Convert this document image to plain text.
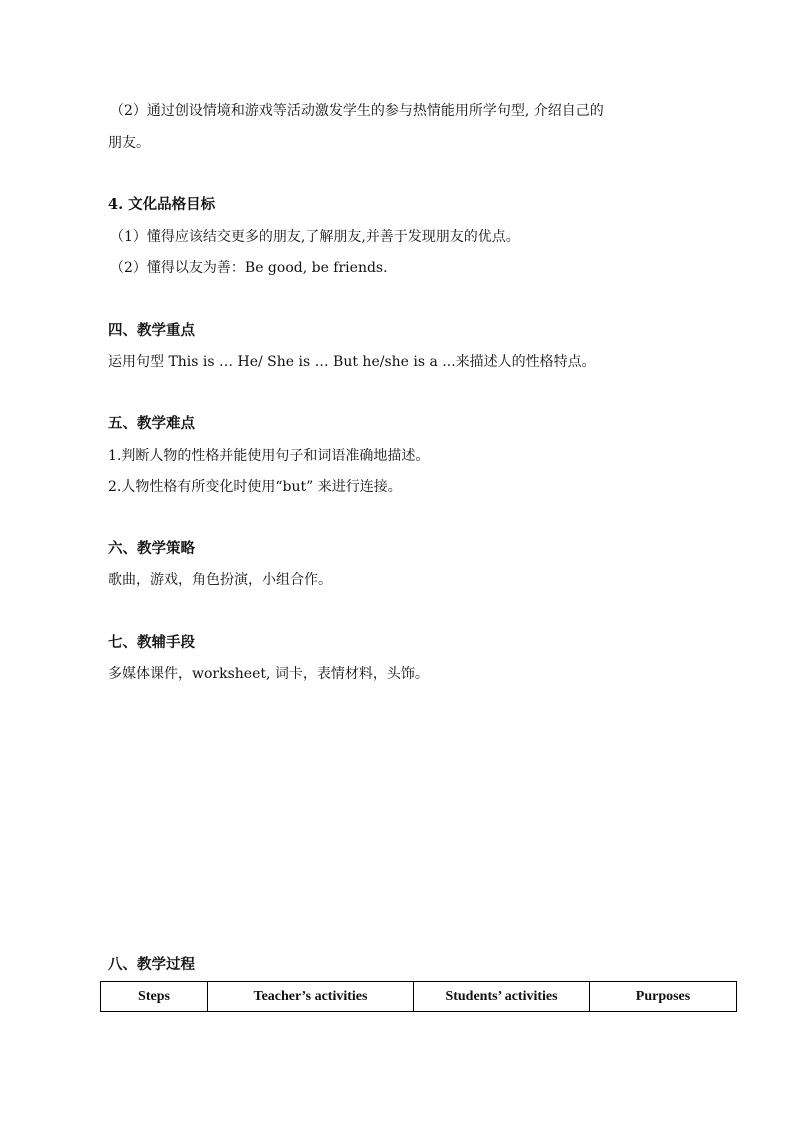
（2）通过创设情境和游戏等活动激发学生的参与热情能用所学句型, 介绍自己的
朋友。
4. 文化品格目标
（1）懂得应该结交更多的朋友,了解朋友,并善于发现朋友的优点。
（2）懂得以友为善：Be good, be friends.
四、教学重点
运用句型 This is … He/ She is … But he/she is a ...来描述人的性格特点。
五、教学难点
1.判断人物的性格并能使用句子和词语准确地描述。
2.人物性格有所变化时使用“but” 来进行连接。
六、教学策略
歌曲，游戏，角色扮演，小组合作。
七、教辅手段
多媒体课件，worksheet, 词卡，表情材料，头饰。
八、教学过程
Steps	Teacher’s activities	Students’ activities	Purposes
